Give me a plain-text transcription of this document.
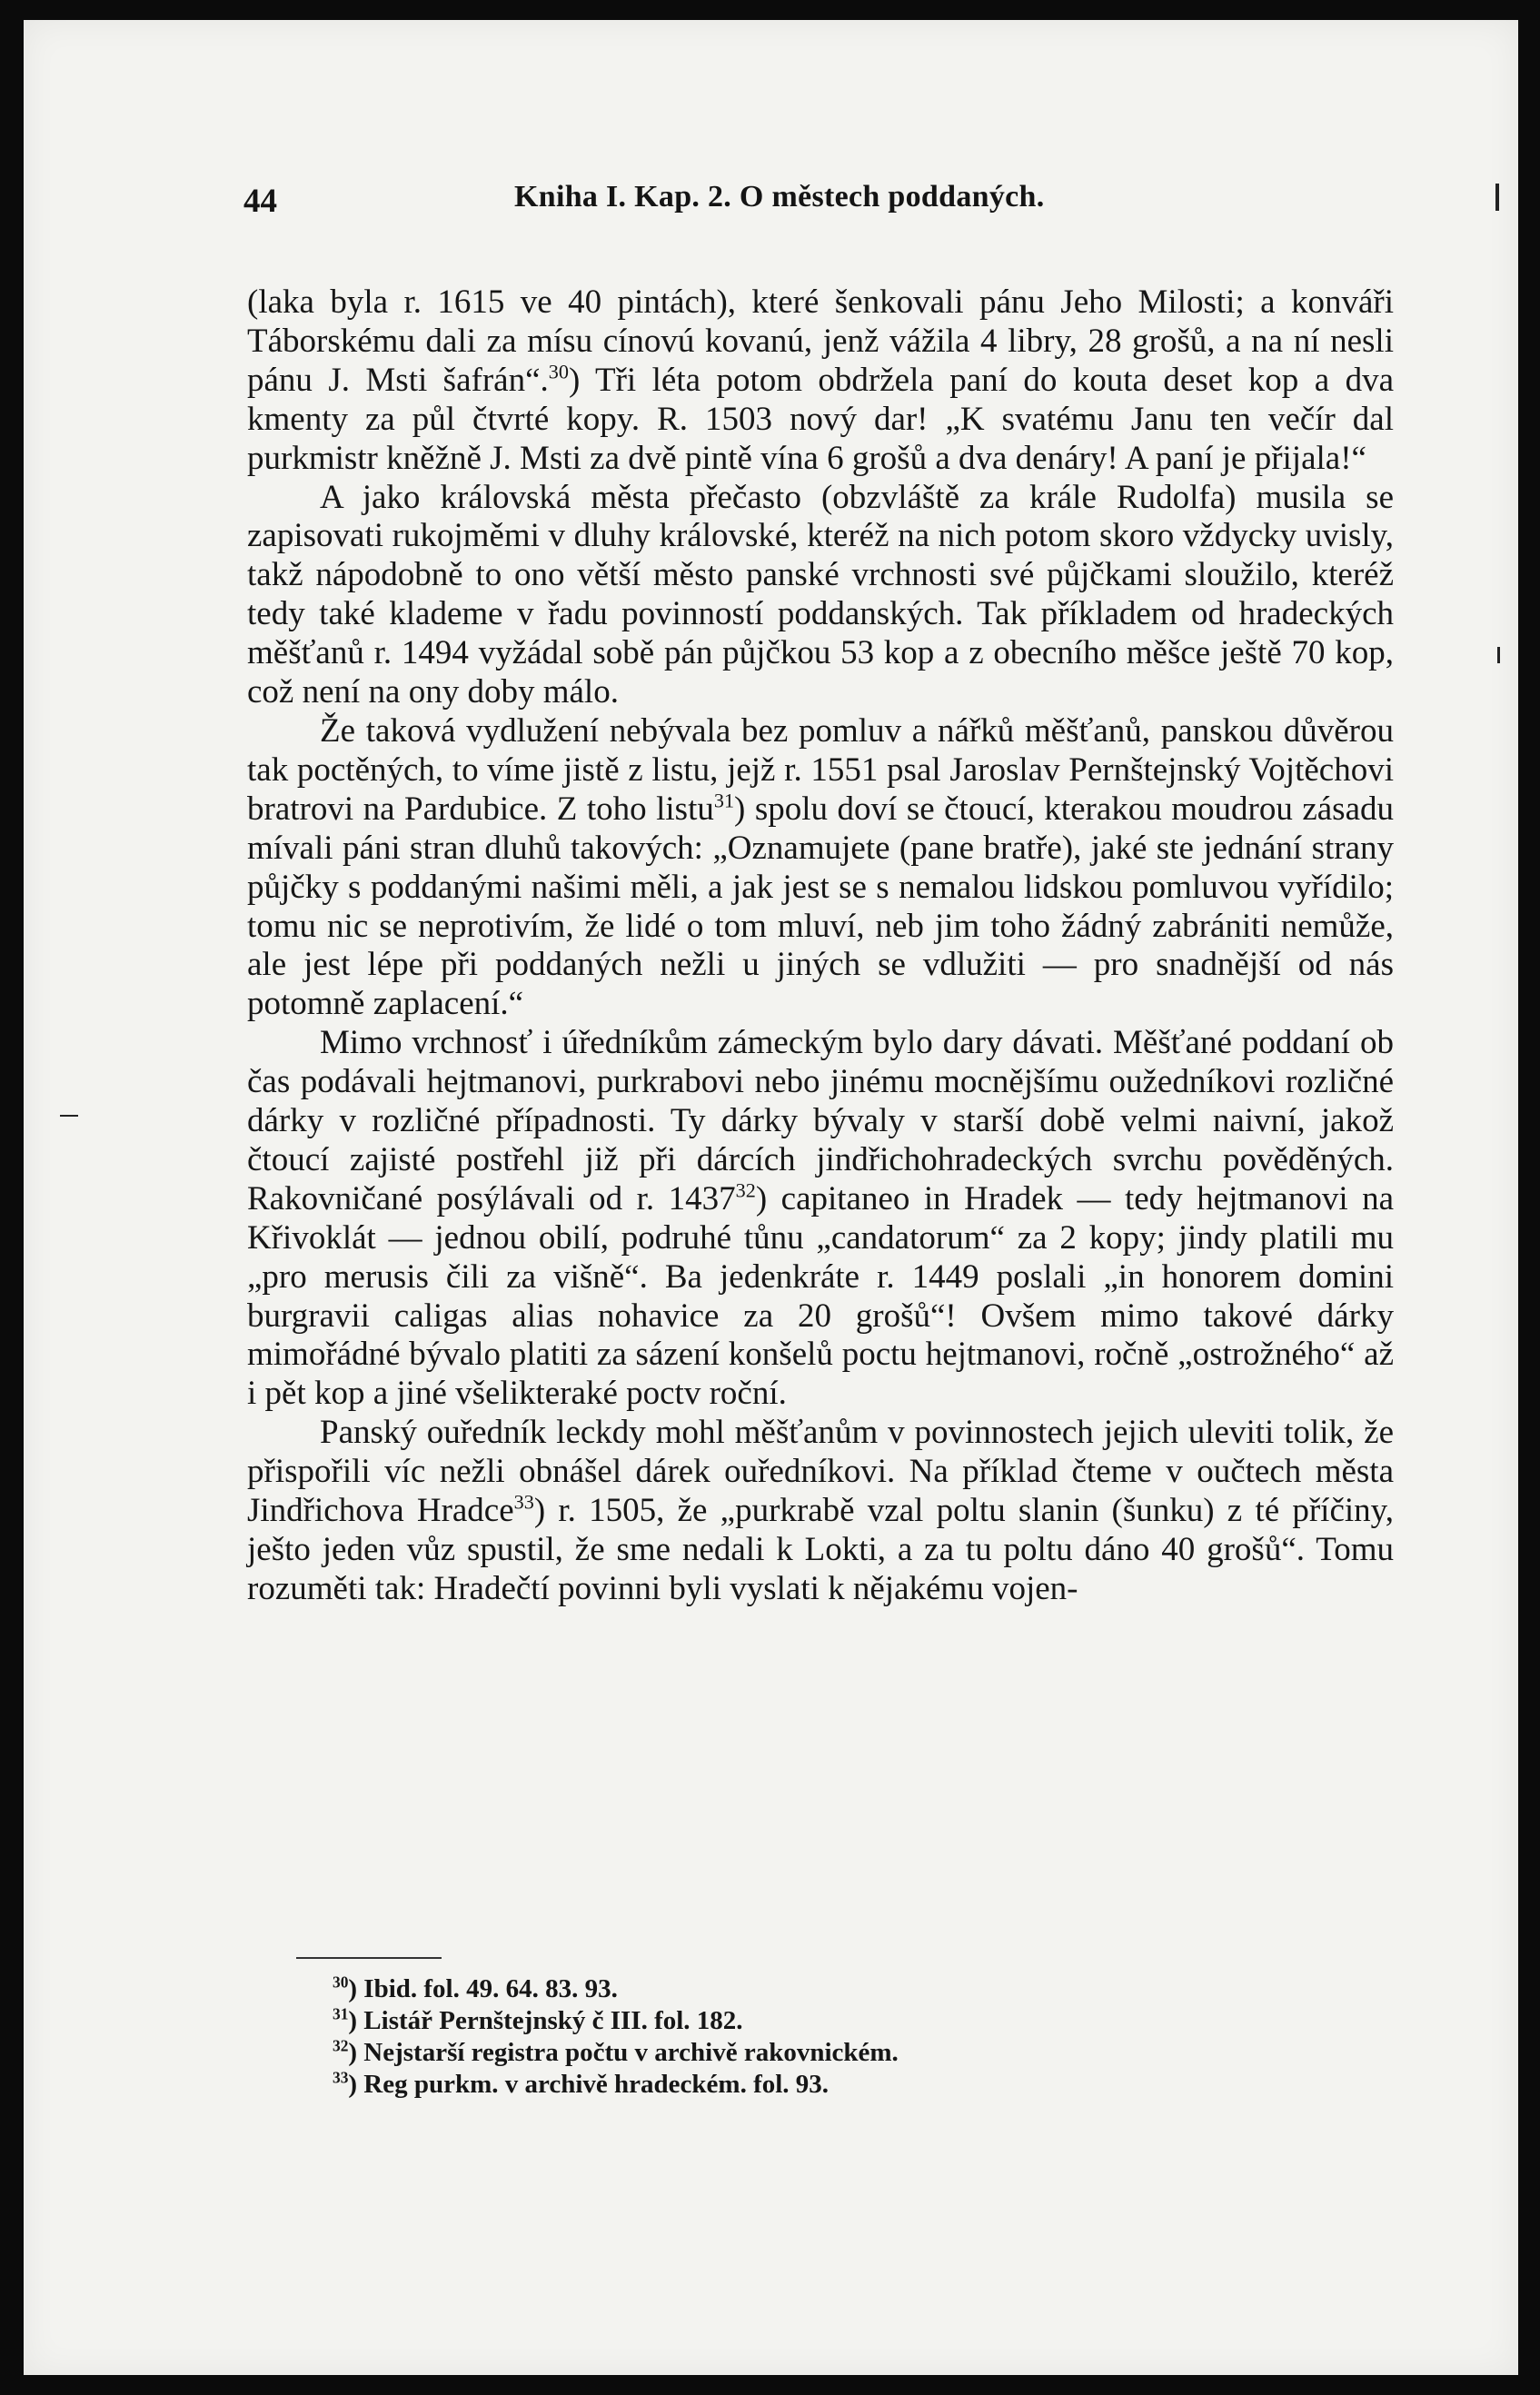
44	Kniha I. Kap. 2. O městech poddaných.

(laka byla r. 1615 ve 40 pintách), které šenkovali pánu Jeho Milosti; a konváři Táborskému dali za mísu cínovú kovanú, jenž vážila 4 libry, 28 grošů, a na ní nesli pánu J. Msti šafrán“.$^{30}$) Tři léta potom obdržela paní do kouta deset kop a dva kmenty za půl čtvrté kopy. R. 1503 nový dar! „K svatému Janu ten večír dal purkmistr kněžně J. Msti za dvě pintě vína 6 grošů a dva denáry! A paní je přijala!“

A jako královská města přečasto (obzvláště za krále Rudolfa) musila se zapisovati rukojměmi v dluhy královské, kteréž na nich potom skoro vždycky uvisly, takž nápodobně to ono větší město panské vrchnosti své půjčkami sloužilo, kteréž tedy také klademe v řadu povinností poddanských. Tak příkladem od hradeckých měšťanů r. 1494 vyžádal sobě pán půjčkou 53 kop a z obecního měšce ještě 70 kop, což není na ony doby málo.

Že taková vydlužení nebývala bez pomluv a nářků měšťanů, panskou důvěrou tak poctěných, to víme jistě z listu, jejž r. 1551 psal Jaroslav Pernštejnský Vojtěchovi bratrovi na Pardubice. Z toho listu$^{31}$) spolu doví se čtoucí, kterakou moudrou zásadu mívali páni stran dluhů takových: „Oznamujete (pane bratře), jaké ste jednání strany půjčky s poddanými našimi měli, a jak jest se s nemalou lidskou pomluvou vyřídilo; tomu nic se neprotivím, že lidé o tom mluví, neb jim toho žádný zabrániti nemůže, ale jest lépe při poddaných nežli u jiných se vdlužiti — pro snadnější od nás potomně zaplacení.“

Mimo vrchnosť i úředníkům zámeckým bylo dary dávati. Měšťané poddaní ob čas podávali hejtmanovi, purkrabovi nebo jinému mocnějšímu oužedníkovi rozličné dárky v rozličné případnosti. Ty dárky bývaly v starší době velmi naivní, jakož čtoucí zajisté postřehl již při dárcích jindřichohradeckých svrchu pověděných. Rakovničané posýlávali od r. 1437$^{32}$) capitaneo in Hradek — tedy hejtmanovi na Křivoklát — jednou obilí, podruhé tůnu „candatorum“ za 2 kopy; jindy platili mu „pro merusis čili za višně“. Ba jedenkráte r. 1449 poslali „in honorem domini burgravii caligas alias nohavice za 20 grošů“! Ovšem mimo takové dárky mimořádné bývalo platiti za sázení konšelů poctu hejtmanovi, ročně „ostrožného“ až i pět kop a jiné všelikteraké poctv roční.

Panský ouředník leckdy mohl měšťanům v povinnostech jejich uleviti tolik, že přispořili víc nežli obnášel dárek ouředníkovi. Na příklad čteme v oučtech města Jindřichova Hradce$^{33}$) r. 1505, že „purkrabě vzal poltu slanin (šunku) z té příčiny, ješto jeden vůz spustil, že sme nedali k Lokti, a za tu poltu dáno 40 grošů“. Tomu rozuměti tak: Hradečtí povinni byli vyslati k nějakému vojen-

$^{30}$) Ibid. fol. 49. 64. 83. 93.
$^{31}$) Listář Pernštejnský č III. fol. 182.
$^{32}$) Nejstarší registra počtu v archivě rakovnickém.
$^{33}$) Reg purkm. v archivě hradeckém. fol. 93.
